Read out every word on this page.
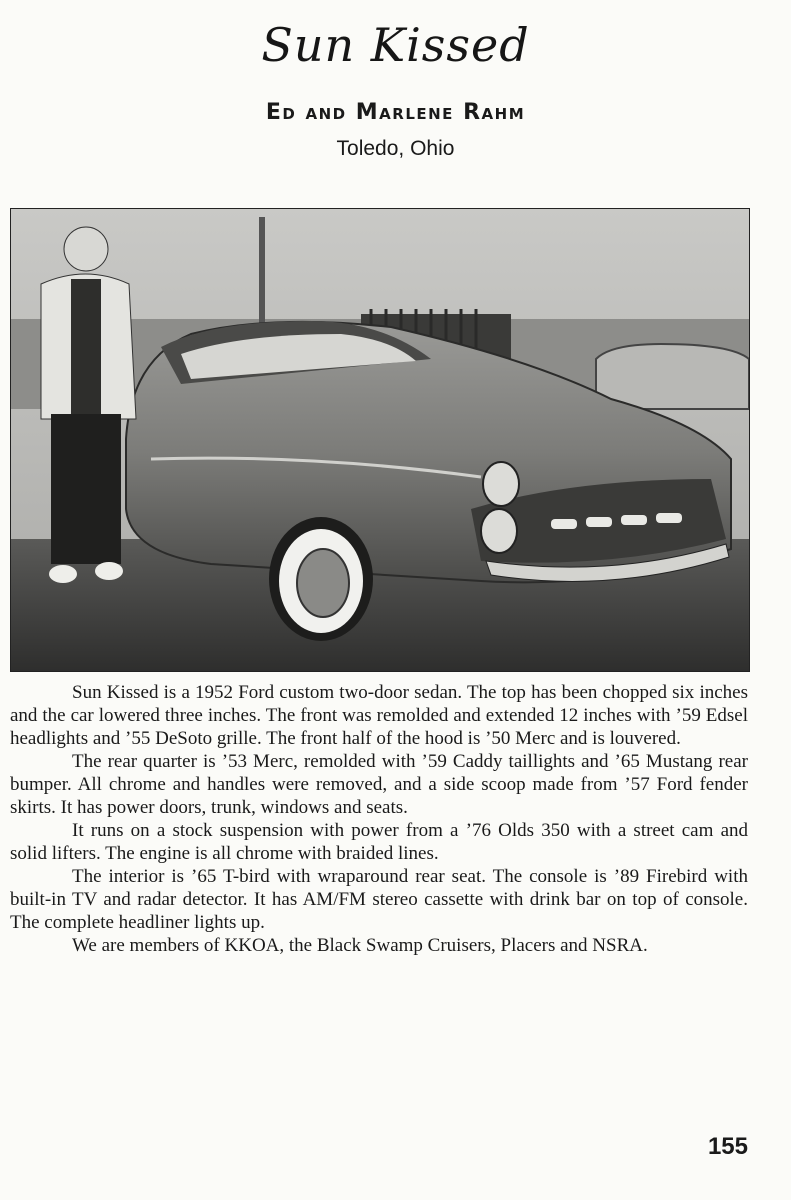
Sun Kissed
Ed and Marlene Rahm
Toledo, Ohio

Sun Kissed is a 1952 Ford custom two-door sedan. The top has been chopped six inches and the car lowered three inches. The front was remolded and extended 12 inches with ’59 Edsel headlights and ’55 DeSoto grille. The front half of the hood is ’50 Merc and is louvered.

The rear quarter is ’53 Merc, remolded with ’59 Caddy taillights and ’65 Mustang rear bumper. All chrome and handles were removed, and a side scoop made from ’57 Ford fender skirts. It has power doors, trunk, windows and seats.

It runs on a stock suspension with power from a ’76 Olds 350 with a street cam and solid lifters. The engine is all chrome with braided lines.

The interior is ’65 T-bird with wraparound rear seat. The console is ’89 Firebird with built-in TV and radar detector. It has AM/FM stereo cassette with drink bar on top of console. The complete headliner lights up.

We are members of KKOA, the Black Swamp Cruisers, Placers and NSRA.

155
